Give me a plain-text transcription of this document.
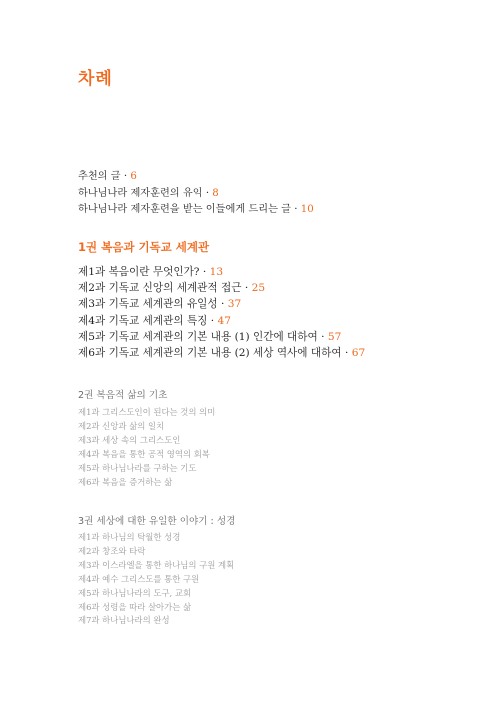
차례
추천의 글 · 6
하나님나라 제자훈련의 유익 · 8
하나님나라 제자훈련을 받는 이들에게 드리는 글 · 10
1권 복음과 기독교 세계관
제1과 복음이란 무엇인가? · 13
제2과 기독교 신앙의 세계관적 접근 · 25
제3과 기독교 세계관의 유일성 · 37
제4과 기독교 세계관의 특징 · 47
제5과 기독교 세계관의 기본 내용 (1) 인간에 대하여 · 57
제6과 기독교 세계관의 기본 내용 (2) 세상 역사에 대하여 · 67
2권 복음적 삶의 기초
제1과 그리스도인이 된다는 것의 의미
제2과 신앙과 삶의 일치
제3과 세상 속의 그리스도인
제4과 복음을 통한 공적 영역의 회복
제5과 하나님나라를 구하는 기도
제6과 복음을 증거하는 삶
3권 세상에 대한 유일한 이야기 : 성경
제1과 하나님의 탁월한 성경
제2과 창조와 타락
제3과 이스라엘을 통한 하나님의 구원 계획
제4과 예수 그리스도를 통한 구원
제5과 하나님나라의 도구, 교회
제6과 성령을 따라 살아가는 삶
제7과 하나님나라의 완성
